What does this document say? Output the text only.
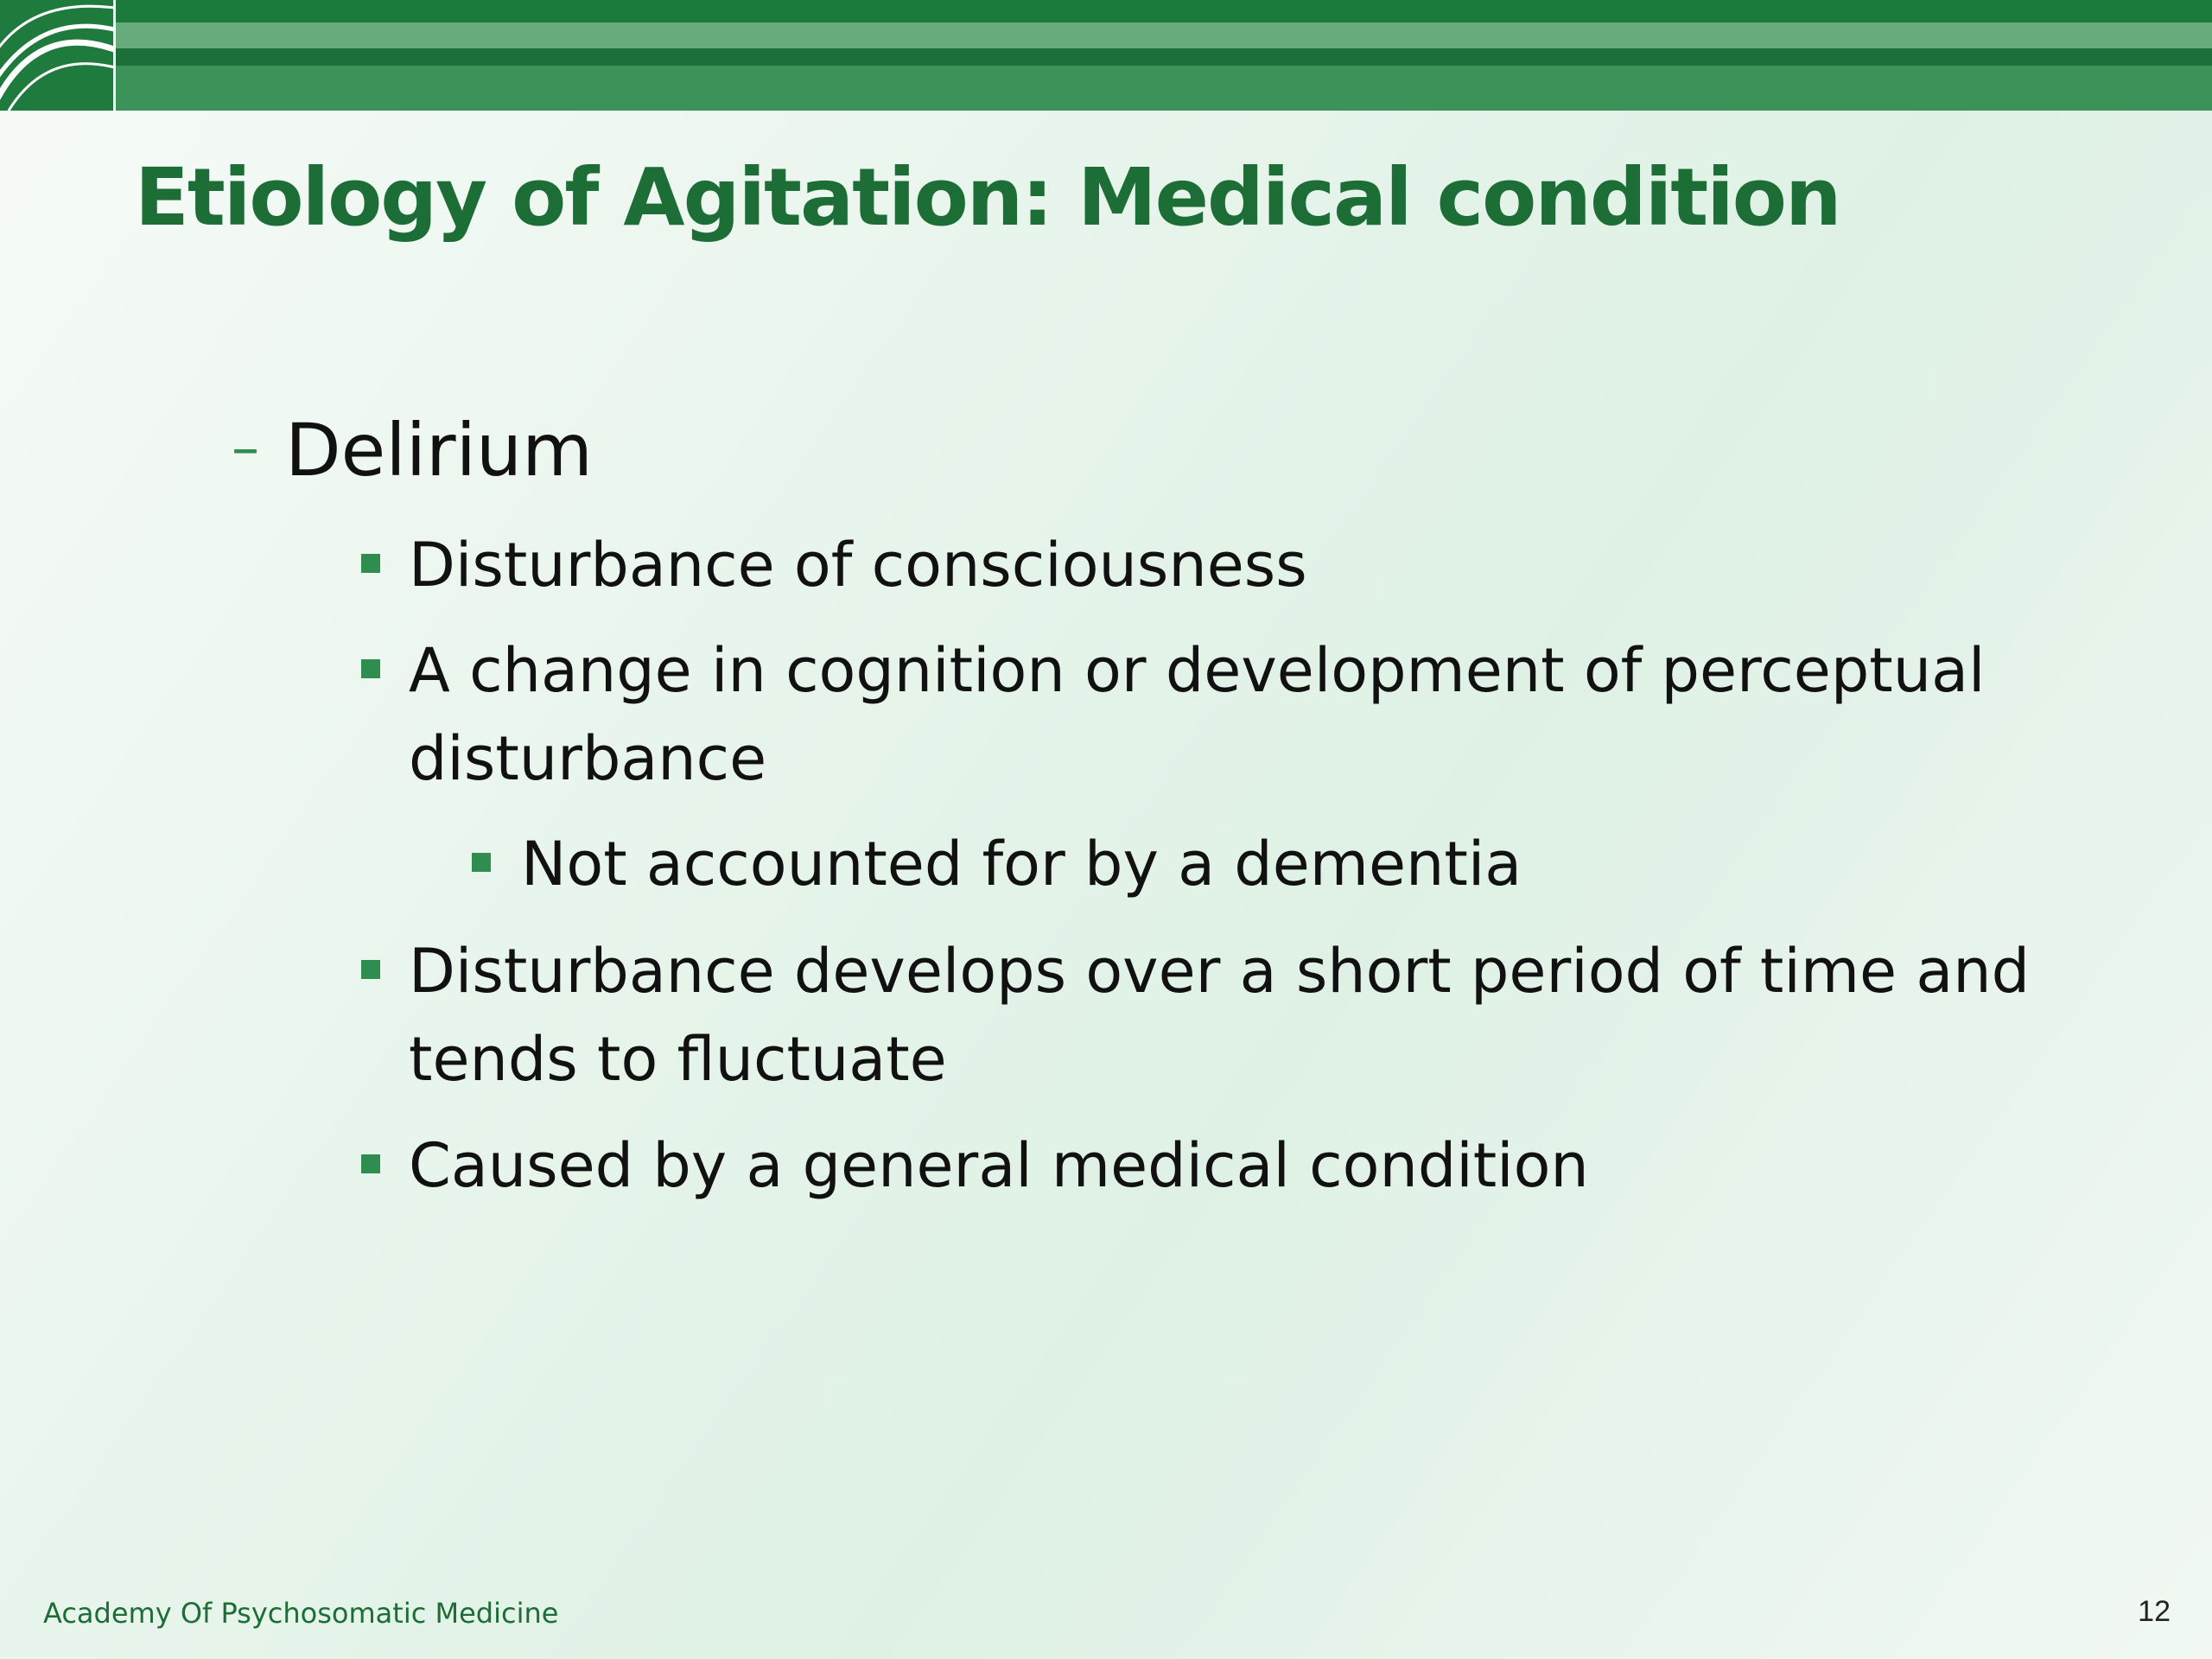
Etiology of Agitation: Medical condition
– Delirium
Disturbance of consciousness
A change in cognition or development of perceptual
disturbance
Not accounted for by a dementia
Disturbance develops over a short period of time and
tends to fluctuate
Caused by a general medical condition
Academy Of Psychosomatic Medicine	12
